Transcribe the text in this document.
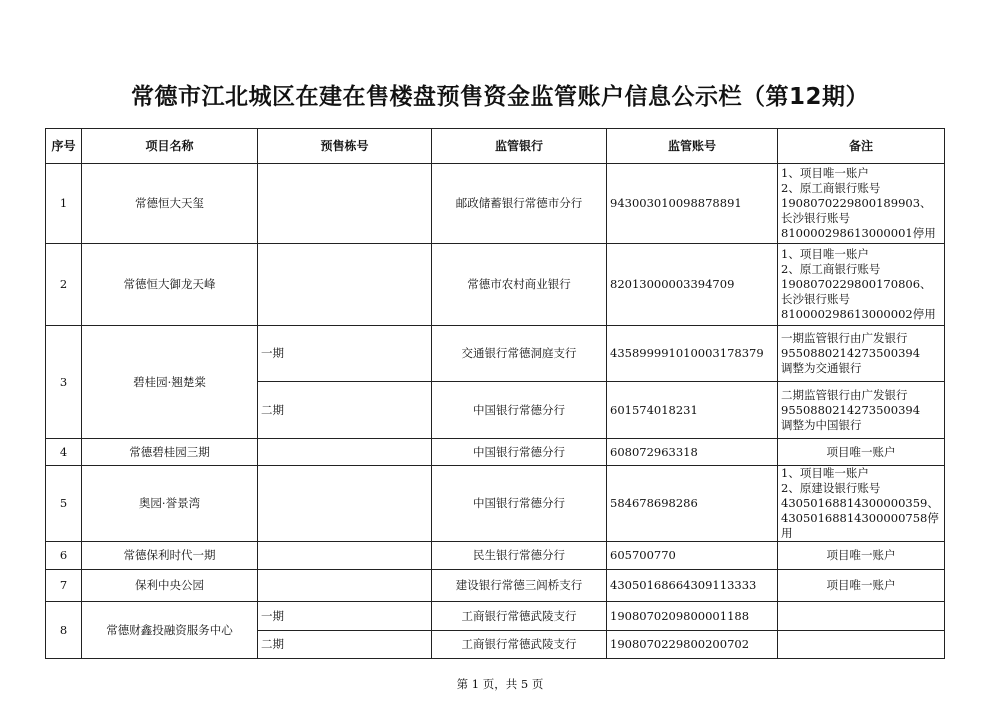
常德市江北城区在建在售楼盘预售资金监管账户信息公示栏（第12期）
序号	项目名称	预售栋号	监管银行	监管账号	备注
1	常德恒大天玺		邮政储蓄银行常德市分行	943003010098878891	1、项目唯一账户
2、原工商银行账号
1908070229800189903、
长沙银行账号
810000298613000001停用

2	常德恒大御龙天峰		常德市农村商业银行	82013000003394709	1、项目唯一账户
2、原工商银行账号
1908070229800170806、
长沙银行账号
810000298613000002停用

3	碧桂园·翘楚棠	一期	交通银行常德洞庭支行	435899991010003178379	一期监管银行由广发银行
9550880214273500394
调整为交通银行

		二期	中国银行常德分行	601574018231	二期监管银行由广发银行
9550880214273500394
调整为中国银行

4	常德碧桂园三期		中国银行常德分行	608072963318	项目唯一账户
5	奥园·誉景湾		中国银行常德分行	584678698286	1、项目唯一账户
2、原建设银行账号
43050168814300000359、
43050168814300000758停用

6	常德保利时代一期		民生银行常德分行	605700770	项目唯一账户
7	保利中央公园		建设银行常德三闾桥支行	43050168664309113333	项目唯一账户
8	常德财鑫投融资服务中心	一期	工商银行常德武陵支行	1908070209800001188	
		二期	工商银行常德武陵支行	1908070229800200702	
第 1 页，共 5 页
